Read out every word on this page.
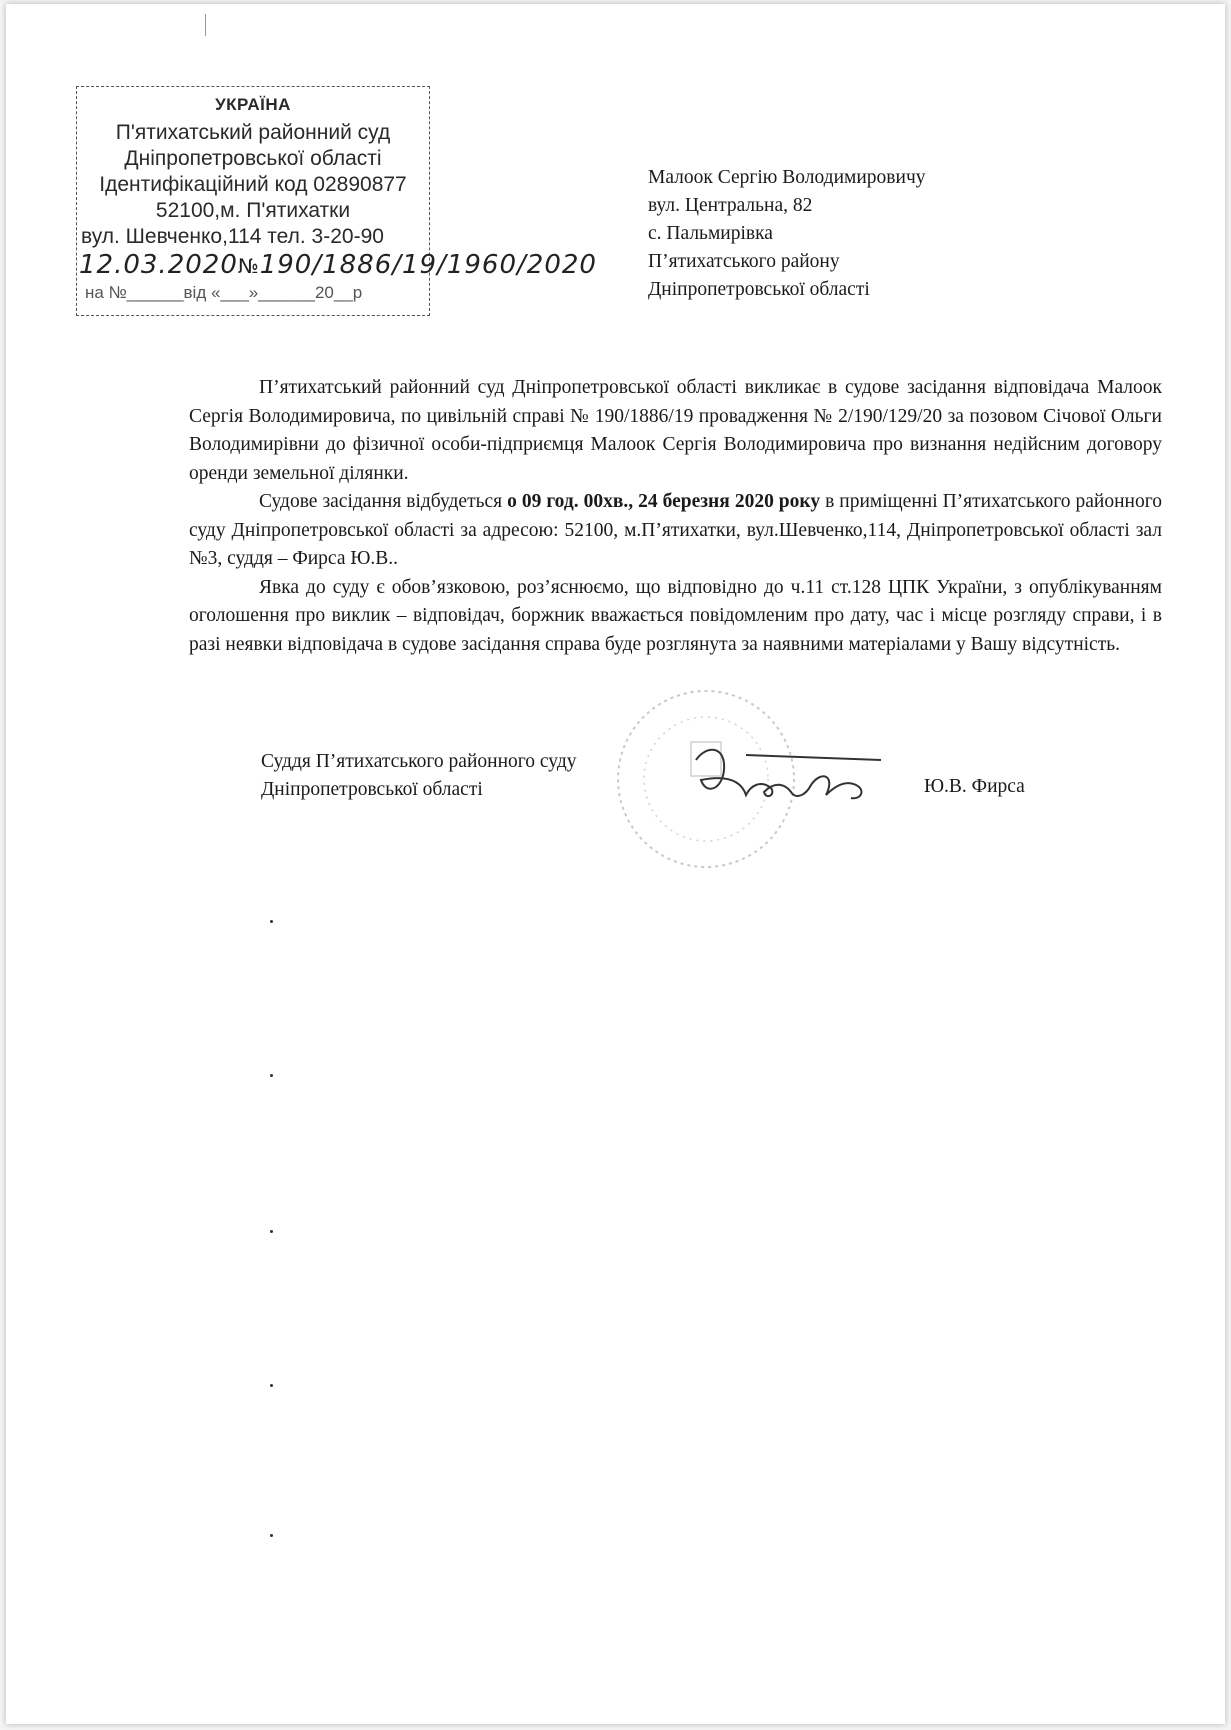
УКРАЇНА
П'ятихатський районний суд
Дніпропетровської області
Ідентифікаційний код 02890877
52100,м. П'ятихатки
вул. Шевченко,114 тел. 3-20-90
12.03.2020№190/1886/19/1960/2020
на №______від «___»______20__р
Малоок Сергію Володимировичу
вул. Центральна, 82
с. Пальмирівка
П’ятихатського району
Дніпропетровської області

П’ятихатський районний суд Дніпропетровської області викликає в судове засідання відповідача Малоок Сергія Володимировича, по цивільній справі № 190/1886/19 провадження № 2/190/129/20 за позовом Січової Ольги Володимирівни до фізичної особи-підприємця Малоок Сергія Володимировича про визнання недійсним договору оренди земельної ділянки.

Судове засідання відбудеться о 09 год. 00хв., 24 березня 2020 року в приміщенні П’ятихатського районного суду Дніпропетровської області за адресою: 52100, м.П’ятихатки, вул.Шевченко,114, Дніпропетровської області зал №3, суддя – Фирса Ю.В..

Явка до суду є обов’язковою, роз’яснюємо, що відповідно до ч.11 ст.128 ЦПК України, з опублікуванням оголошення про виклик – відповідач, боржник вважається повідомленим про дату, час і місце розгляду справи, і в разі неявки відповідача в судове засідання справа буде розглянута за наявними матеріалами у Вашу відсутність.

Суддя П’ятихатського районного суду
Дніпропетровської області	Ю.В. Фирса
